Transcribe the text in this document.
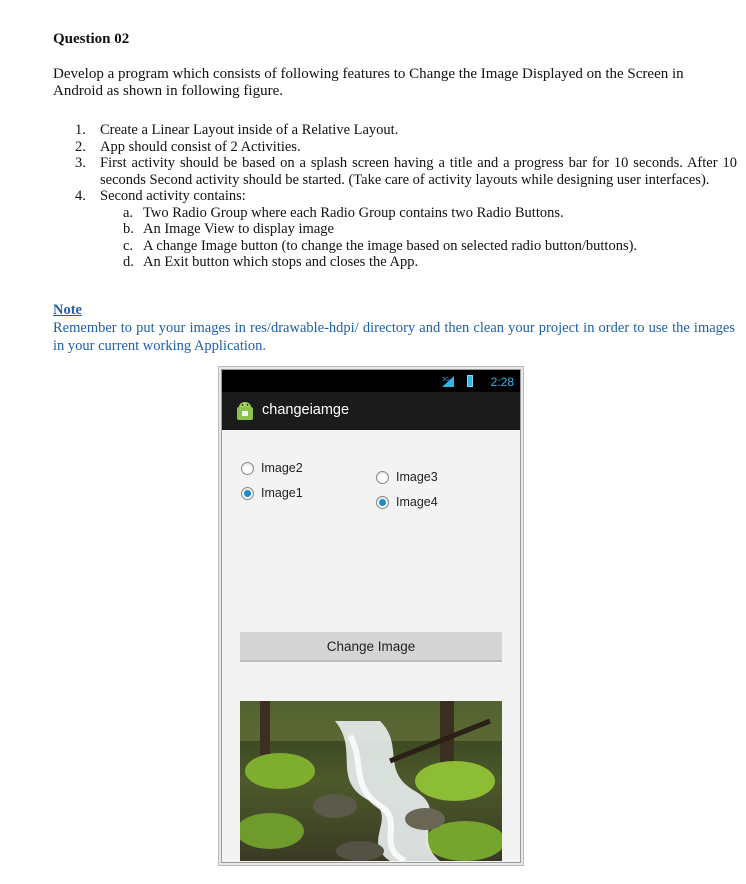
Question 02
Develop a program which consists of following features to Change the Image Displayed on the Screen in Android as shown in following figure.
1. Create a Linear Layout inside of a Relative Layout.
2. App should consist of 2 Activities.
3. First activity should be based on a splash screen having a title and a progress bar for 10 seconds. After 10 seconds Second activity should be started. (Take care of activity layouts while designing user interfaces).
4. Second activity contains:
a. Two Radio Group where each Radio Group contains two Radio Buttons.
b. An Image View to display image
c. A change Image button (to change the image based on selected radio button/buttons).
d. An Exit button which stops and closes the App.
Note
Remember to put your images in res/drawable-hdpi/ directory and then clean your project in order to use the images in your current working Application.
3G	2:28
changeiamge
Image2
Image1
Image3
Image4
Change Image
